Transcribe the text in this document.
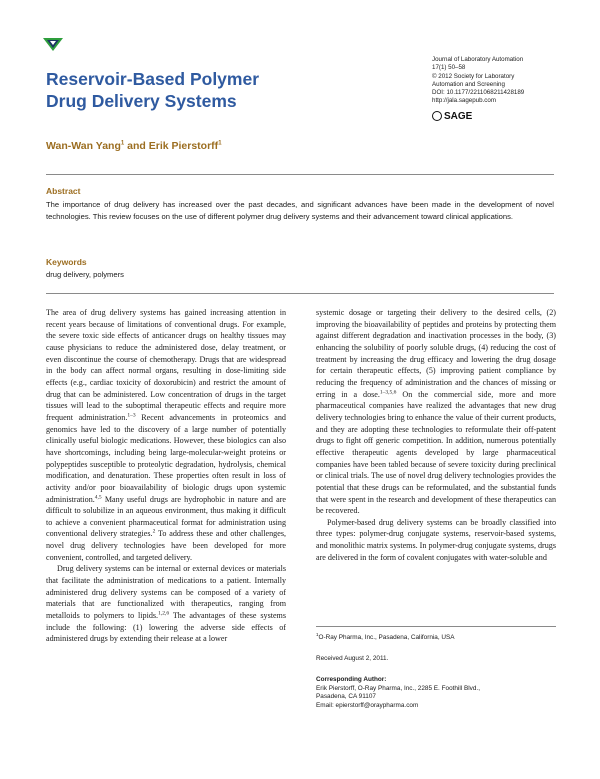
Journal of Laboratory Automation
17(1) 50–58
© 2012 Society for Laboratory
Automation and Screening
DOI: 10.1177/2211068211428189
http://jala.sagepub.com
SAGE
Reservoir-Based Polymer
Drug Delivery Systems
Wan-Wan Yang$^1$ and Erik Pierstorff$^1$
Abstract
The importance of drug delivery has increased over the past decades, and significant advances have been made in the development of novel technologies. This review focuses on the use of different polymer drug delivery systems and their advancement toward clinical applications.
Keywords
drug delivery, polymers

The area of drug delivery systems has gained increasing attention in recent years because of limitations of conventional drugs. For example, the severe toxic side effects of anticancer drugs on healthy tissues may cause physicians to reduce the administered dose, delay treatment, or even discontinue the course of chemotherapy. Drugs that are widespread in the body can affect normal organs, resulting in dose-limiting side effects (e.g., cardiac toxicity of doxorubicin) and restrict the amount of drug that can be administered. Low concentration of drugs in the target tissues will lead to the suboptimal therapeutic effects and require more frequent administration.$^{1-3}$ Recent advancements in proteomics and genomics have led to the discovery of a large number of potentially clinically useful biologic medications. However, these biologics can also have shortcomings, including being large-molecular-weight proteins or polypeptides susceptible to proteolytic degradation, hydrolysis, chemical modification, and denaturation. These properties often result in loss of activity and/or poor bioavailability of biologic drugs upon systemic administration.$^{4,5}$ Many useful drugs are hydrophobic in nature and are difficult to solubilize in an aqueous environment, thus making it difficult to achieve a convenient pharmaceutical format for administration using conventional delivery strategies.$^2$ To address these and other challenges, novel drug delivery technologies have been developed for more convenient, controlled, and targeted delivery.

Drug delivery systems can be internal or external devices or materials that facilitate the administration of medications to a patient. Internally administered drug delivery systems can be composed of a variety of materials that are functionalized with therapeutics, ranging from metalloids to polymers to lipids.$^{1,2,6}$ The advantages of these systems include the following: (1) lowering the adverse side effects of administered drugs by extending their release at a lower

systemic dosage or targeting their delivery to the desired cells, (2) improving the bioavailability of peptides and proteins by protecting them against different degradation and inactivation processes in the body, (3) enhancing the solubility of poorly soluble drugs, (4) reducing the cost of treatment by increasing the drug efficacy and lowering the drug dosage for certain therapeutic effects, (5) improving patient compliance by reducing the frequency of administration and the chances of missing or erring in a dose.$^{1-3,5,6}$ On the commercial side, more and more pharmaceutical companies have realized the advantages that new drug delivery technologies bring to enhance the value of their current products, and they are adopting these technologies to reformulate their off-patent drugs to fight off generic competition. In addition, numerous potentially effective therapeutic agents developed by large pharmaceutical companies have been tabled because of severe toxicity during preclinical or clinical trials. The use of novel drug delivery technologies provides the potential that these drugs can be reformulated, and the substantial funds that were spent in the research and development of these therapeutics can be recovered.

Polymer-based drug delivery systems can be broadly classified into three types: polymer-drug conjugate systems, reservoir-based systems, and monolithic matrix systems. In polymer-drug conjugate systems, drugs are delivered in the form of covalent conjugates with water-soluble and

$^1$O-Ray Pharma, Inc., Pasadena, California, USA
Received August 2, 2011.
Corresponding Author:
Erik Pierstorff, O-Ray Pharma, Inc., 2285 E. Foothill Blvd.,
Pasadena, CA 91107
Email: epierstorff@oraypharma.com
